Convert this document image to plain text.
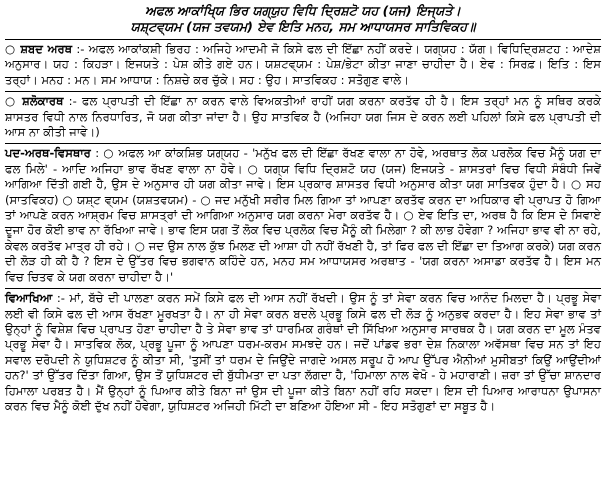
ਅਫਲ ਆਕਾਂਖ੍ਯਿ ਭਿਰ ਯਗ੍ਯੁਹ ਵਿਧਿ ਦ੍ਰਿਸ਼ਟੋ ਯਹ (ਯਜ) ਇਜ੍ਯਤੇ।

ਯਸ਼੍ਟਵ੍ਯਮ (ਯਜ ਤਵਯਮ) ਏਵ ਇਤਿ ਮਨਹ, ਸਮ ਆਧਾਯਸਰ ਸਾਤਿਵਿਕਹ॥

○ ਸ਼ਬਦ ਅਰਥ :- ਅਫਲ ਆਕਾਂਕਸ਼ੀ ਭਿਰਹ : ਅਜਿਹੇ ਆਦਮੀ ਜੋ ਕਿਸੇ ਫਲ ਦੀ ਇੱਛਾ ਨਹੀਂ ਕਰਦੇ। ਯਗ੍ਯਹ : ਯੱਗ। ਵਿਧਿਦ੍ਰਿਸ਼ਟਹ : ਆਦੇਸ਼ ਅਨੁਸਾਰ। ਯਹ : ਕਿਹੜਾ। ਇਜਯਤੇ : ਪੇਸ਼ ਕੀਤੇ ਗਏ ਹਨ। ਯਸ਼ਟਵ੍ਯਮ : ਪੇਸ਼/ਭੇਟਾ ਕੀਤਾ ਜਾਣਾ ਚਾਹੀਦਾ ਹੈ। ਏਵ : ਸਿਰਫ਼। ਇਤਿ : ਇਸ ਤਰ੍ਹਾਂ। ਮਨਹ : ਮਨ। ਸਮ ਆਧਾਯ : ਨਿਸ਼ਚੇ ਕਰ ਚੁੱਕੇ। ਸਹ : ਉਹ। ਸਾਤਵਿਕਹ : ਸਤੋਗੁਣ ਵਾਲੇ।

○ ਸ਼ਲੋਕਾਰਥ :- ਫਲ ਪ੍ਰਾਪਤੀ ਦੀ ਇੱਛਾ ਨਾ ਕਰਨ ਵਾਲੇ ਵਿਅਕਤੀਆਂ ਰਾਹੀਂ ਯਗ ਕਰਨਾ ਕਰਤੱਵ ਹੀ ਹੈ। ਇਸ ਤਰ੍ਹਾਂ ਮਨ ਨੂੰ ਸਥਿਰ ਕਰਕੇ ਸ਼ਾਸਤਰ ਵਿਧੀ ਨਾਲ ਨਿਰਧਾਰਿਤ, ਜੋ ਯਗ ਕੀਤਾ ਜਾਂਦਾ ਹੈ। ਉਹ ਸਾਤਵਿਕ ਹੈ (ਅਜਿਹਾ ਯਗ ਜਿਸ ਦੇ ਕਰਨ ਲਈ ਪਹਿਲਾਂ ਕਿਸੇ ਫਲ ਪ੍ਰਾਪਤੀ ਦੀ ਆਸ ਨਾ ਕੀਤੀ ਜਾਵੇ।)

ਪਦ-ਅਰਥ-ਵਿਸਥਾਰ : ○ ਅਫਲ ਆ ਕਾਂਕਸ਼ਿਭ ਯਗ੍ਯਹ - 'ਮਨੁੱਖ ਫਲ ਦੀ ਇੱਛਾ ਰੱਖਣ ਵਾਲਾ ਨਾ ਹੋਵੇ, ਅਰਥਾਤ ਲੋਕ ਪਰਲੋਕ ਵਿਚ ਮੈਨੂੰ ਯਗ ਦਾ ਫਲ ਮਿਲੇ' - ਆਦਿ ਅਜਿਹਾ ਭਾਵ ਰੱਖਣ ਵਾਲਾ ਨਾ ਹੋਵੇ। ○ ਯਗ੍ਯ ਵਿਧਿ ਦ੍ਰਿਸ਼ਟੋ ਯਹ (ਯਜ) ਇਜਯਤੇ - ਸ਼ਾਸਤਰਾਂ ਵਿਚ ਵਿਧੀ ਸੰਬੰਧੀ ਜਿਵੇਂ ਆਗਿਆ ਦਿੱਤੀ ਗਈ ਹੈ, ਉਸ ਦੇ ਅਨੁਸਾਰ ਹੀ ਯਗ ਕੀਤਾ ਜਾਵੇ। ਇਸ ਪ੍ਰਕਾਰ ਸ਼ਾਸਤਰ ਵਿਧੀ ਅਨੁਸਾਰ ਕੀਤਾ ਯਗ ਸਾਤਿਵਕ ਹੁੰਦਾ ਹੈ। ○ ਸਹ (ਸਾਤਵਿਕਹ) ○ ਯਸ਼੍ਟ ਵ੍ਯਮ (ਯਸ਼ਤਵਯਮ) - ○ ਜਦ ਮਨੁੱਖੀ ਸਰੀਰ ਮਿਲ ਗਿਆ ਤਾਂ ਆਪਣਾ ਕਰਤੱਵ ਕਰਨ ਦਾ ਅਧਿਕਾਰ ਵੀ ਪ੍ਰਾਪਤ ਹੋ ਗਿਆ ਤਾਂ ਆਪਣੇ ਕਰਨ ਆਸ਼੍ਰਮ ਵਿਚ ਸ਼ਾਸਤ੍ਰਾਂ ਦੀ ਆਗਿਆ ਅਨੁਸਾਰ ਯਗ ਕਰਨਾ ਮੇਰਾ ਕਰਤੱਵ ਹੈ। ○ ਏਵ ਇਤਿ ਦਾ, ਅਰਥ ਹੈ ਕਿ ਇਸ ਦੇ ਸਿਵਾਏ ਦੂਜਾ ਹੋਰ ਕੋਈ ਭਾਵ ਨਾ ਰੱਖਿਆ ਜਾਵੇ। ਭਾਵ ਇਸ ਯਗ ਤੋਂ ਲੋਕ ਵਿਚ ਪ੍ਰਲੋਕ ਵਿਚ ਮੈਨੂੰ ਕੀ ਮਿਲੇਗਾ ? ਕੀ ਲਾਭ ਹੋਵੇਗਾ ? ਅਜਿਹਾ ਭਾਵ ਵੀ ਨਾ ਰਹੇ, ਕੇਵਲ ਕਰਤੱਵ ਮਾਤ੍ਰ ਹੀ ਰਹੇ। ○ ਜਦ ਉਸ ਨਾਲ ਕੁੱਝ ਮਿਲਣ ਦੀ ਆਸ਼ਾ ਹੀ ਨਹੀਂ ਰੱਖਣੀ ਹੈ, ਤਾਂ ਫਿਰ ਫਲ ਦੀ ਇੱਛਾ ਦਾ ਤਿਆਗ ਕਰਕੇ) ਯਗ ਕਰਨ ਦੀ ਲੋੜ ਹੀ ਕੀ ਹੈ ? ਇਸ ਦੇ ਉੱਤਰ ਵਿਚ ਭਗਵਾਨ ਕਹਿੰਦੇ ਹਨ, ਮਨਹ ਸਮ ਆਧਾਯਸਰ ਅਰਥਾਤ - 'ਯਗ ਕਰਨਾ ਅਸਾਡਾ ਕਰਤੱਵ ਹੈ। ਇਸ ਮਨ ਵਿਚ ਚਿਤਵ ਕੇ ਯਗ ਕਰਨਾ ਚਾਹੀਦਾ ਹੈ।'

ਵਿਆਖਿਆ :- ਮਾਂ, ਬੱਚੇ ਦੀ ਪਾਲਣਾ ਕਰਨ ਸਮੇਂ ਕਿਸੇ ਫਲ ਦੀ ਆਸ ਨਹੀਂ ਰੱਖਦੀ। ਉਸ ਨੂੰ ਤਾਂ ਸੇਵਾ ਕਰਨ ਵਿਚ ਆਨੰਦ ਮਿਲਦਾ ਹੈ। ਪ੍ਰਭੂ ਸੇਵਾ ਲਈ ਵੀ ਕਿਸੇ ਫਲ ਦੀ ਆਸ ਰੱਖਣਾ ਮੂਰਖਤਾ ਹੈ। ਨਾ ਹੀ ਸੇਵਾ ਕਰਨ ਬਦਲੇ ਪ੍ਰਭੂ ਕਿਸੇ ਫਲ ਦੀ ਲੋੜ ਨੂੰ ਅਨੁਭਵ ਕਰਦਾ ਹੈ। ਇਹ ਸੇਵਾ ਭਾਵ ਤਾਂ ਉਨ੍ਹਾਂ ਨੂੰ ਵਿਸ਼ੇਸ਼ ਵਿਚ ਪ੍ਰਾਪਤ ਹੋਣਾ ਚਾਹੀਦਾ ਹੈ ਤੇ ਸੇਵਾ ਭਾਵ ਤਾਂ ਧਾਰਮਿਕ ਗਰੰਥਾਂ ਦੀ ਸਿੱਖਿਆ ਅਨੁਸਾਰ ਸਾਰਥਕ ਹੈ। ਯਗ ਕਰਨ ਦਾ ਮੂਲ ਮੰਤਵ ਪ੍ਰਭੂ ਸੇਵਾ ਹੈ। ਸਾਤਵਿਕ ਲੋਕ, ਪ੍ਰਭੂ ਪੂਜਾ ਨੂੰ ਆਪਣਾ ਧਰਮ-ਕਰਮ ਸਮਝਦੇ ਹਨ। ਜਦੋਂ ਪਾਂਡਵ ਭਰਾ ਦੇਸ਼ ਨਿਕਾਲਾ ਅਵੱਸਥਾ ਵਿਚ ਸਨ ਤਾਂ ਇਹ ਸਵਾਲ ਦਰੋਪਦੀ ਨੇ ਯੁਧਿਸ਼ਟਰ ਨੂੰ ਕੀਤਾ ਸੀ, 'ਤੁਸੀਂ ਤਾਂ ਧਰਮ ਦੇ ਜਿਉਂਦੇ ਜਾਗਦੇ ਅਸਲ ਸਰੂਪ ਹੋ ਆਪ ਉੱਪਰ ਐਨੀਆਂ ਮੁਸੀਬਤਾਂ ਕਿਉਂ ਆਉਂਦੀਆਂ ਹਨ?' ਤਾਂ ਉੱਤਰ ਦਿੱਤਾ ਗਿਆ, ਉਸ ਤੋਂ ਯੁਧਿਸ਼ਟਰ ਦੀ ਬੁੱਧੀਮਤਾ ਦਾ ਪਤਾ ਲੱਗਦਾ ਹੈ, 'ਹਿਮਾਲਾ ਨਾਲ ਵੇਖੋ - ਹੇ ਮਹਾਰਾਣੀ। ਜ਼ਰਾ ਤਾਂ ਉੱਚਾ ਸ਼ਾਨਦਾਰ ਹਿਮਾਲਾ ਪਰਬਤ ਹੈ। ਮੈਂ ਉਨ੍ਹਾਂ ਨੂੰ ਪਿਆਰ ਕੀਤੇ ਬਿਨਾ ਜਾਂ ਉਸ ਦੀ ਪੂਜਾ ਕੀਤੇ ਬਿਨਾ ਨਹੀਂ ਰਹਿ ਸਕਦਾ। ਇਸ ਦੀ ਪਿਆਰ ਆਰਾਧਨਾ ਉਪਾਸਨਾ ਕਰਨ ਵਿਚ ਮੈਨੂੰ ਕੋਈ ਦੁੱਖ ਨਹੀਂ ਹੋਵੇਗਾ, ਯੁਧਿਸ਼ਟਰ ਅਜਿਹੀ ਮਿੱਟੀ ਦਾ ਬਣਿਆ ਹੋਇਆ ਸੀ - ਇਹ ਸਤੋਗੁਣਾਂ ਦਾ ਸਬੂਤ ਹੈ।
